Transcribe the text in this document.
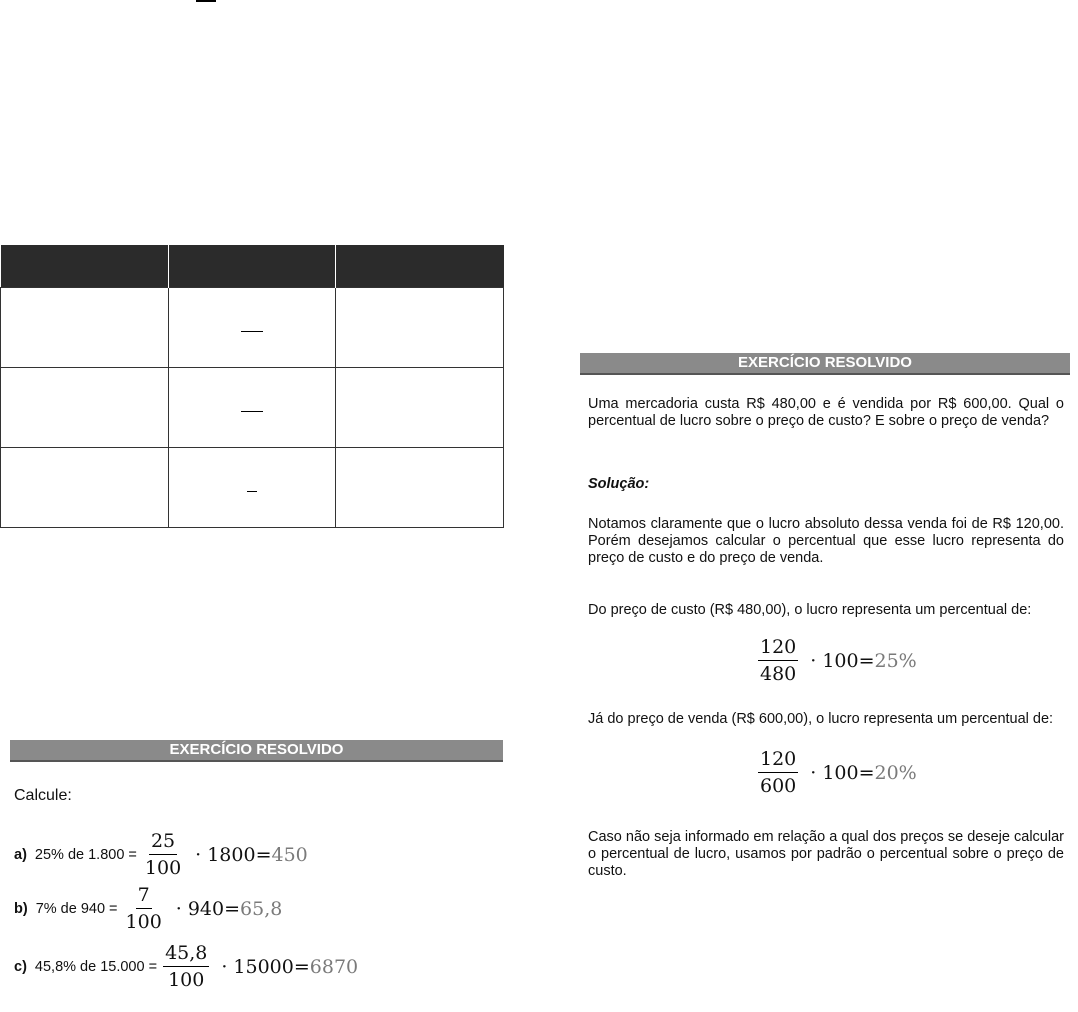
EXERCÍCIO RESOLVIDO
Calcule:
a) 25% de $1.800 = \frac{25}{100} \cdot 1800 = 450$
b) 7% de $940 = \frac{7}{100} \cdot 940 = 65,8$
c) 45,8% de $15.000 = \frac{45,8}{100} \cdot 15000 = 6870$
EXERCÍCIO RESOLVIDO
Uma mercadoria custa R$ 480,00 e é vendida por R$ 600,00. Qual o percentual de lucro sobre o preço de custo? E sobre o preço de venda?
Solução:
Notamos claramente que o lucro absoluto dessa venda foi de R$ 120,00. Porém desejamos calcular o percentual que esse lucro representa do preço de custo e do preço de venda.
Do preço de custo (R$ 480,00), o lucro representa um percentual de:
$\frac{120}{480} \cdot 100 = 25\%$
Já do preço de venda (R$ 600,00), o lucro representa um percentual de:
$\frac{120}{600} \cdot 100 = 20\%$
Caso não seja informado em relação a qual dos preços se deseje calcular o percentual de lucro, usamos por padrão o percentual sobre o preço de custo.
